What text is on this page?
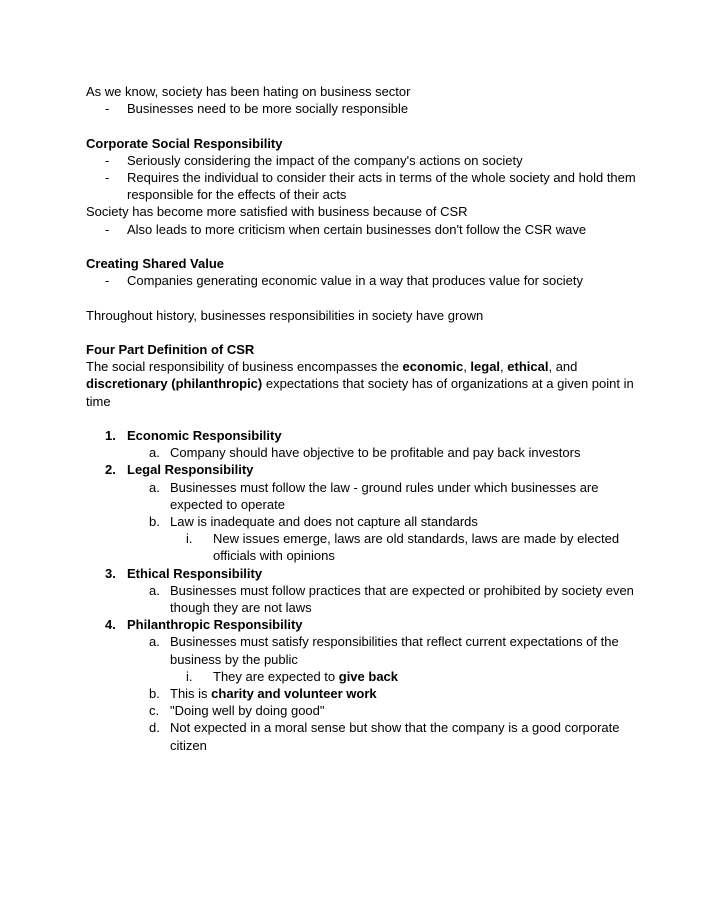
As we know, society has been hating on business sector
- Businesses need to be more socially responsible
Corporate Social Responsibility
- Seriously considering the impact of the company's actions on society
- Requires the individual to consider their acts in terms of the whole society and hold them responsible for the effects of their acts
Society has become more satisfied with business because of CSR
- Also leads to more criticism when certain businesses don't follow the CSR wave
Creating Shared Value
- Companies generating economic value in a way that produces value for society
Throughout history, businesses responsibilities in society have grown
Four Part Definition of CSR
The social responsibility of business encompasses the economic, legal, ethical, and
discretionary (philanthropic) expectations that society has of organizations at a given point in time
1. Economic Responsibility
a. Company should have objective to be profitable and pay back investors
2. Legal Responsibility
a. Businesses must follow the law - ground rules under which businesses are expected to operate
b. Law is inadequate and does not capture all standards
i. New issues emerge, laws are old standards, laws are made by elected officials with opinions
3. Ethical Responsibility
a. Businesses must follow practices that are expected or prohibited by society even though they are not laws
4. Philanthropic Responsibility
a. Businesses must satisfy responsibilities that reflect current expectations of the business by the public
i. They are expected to give back
b. This is charity and volunteer work
c. "Doing well by doing good"
d. Not expected in a moral sense but show that the company is a good corporate citizen
